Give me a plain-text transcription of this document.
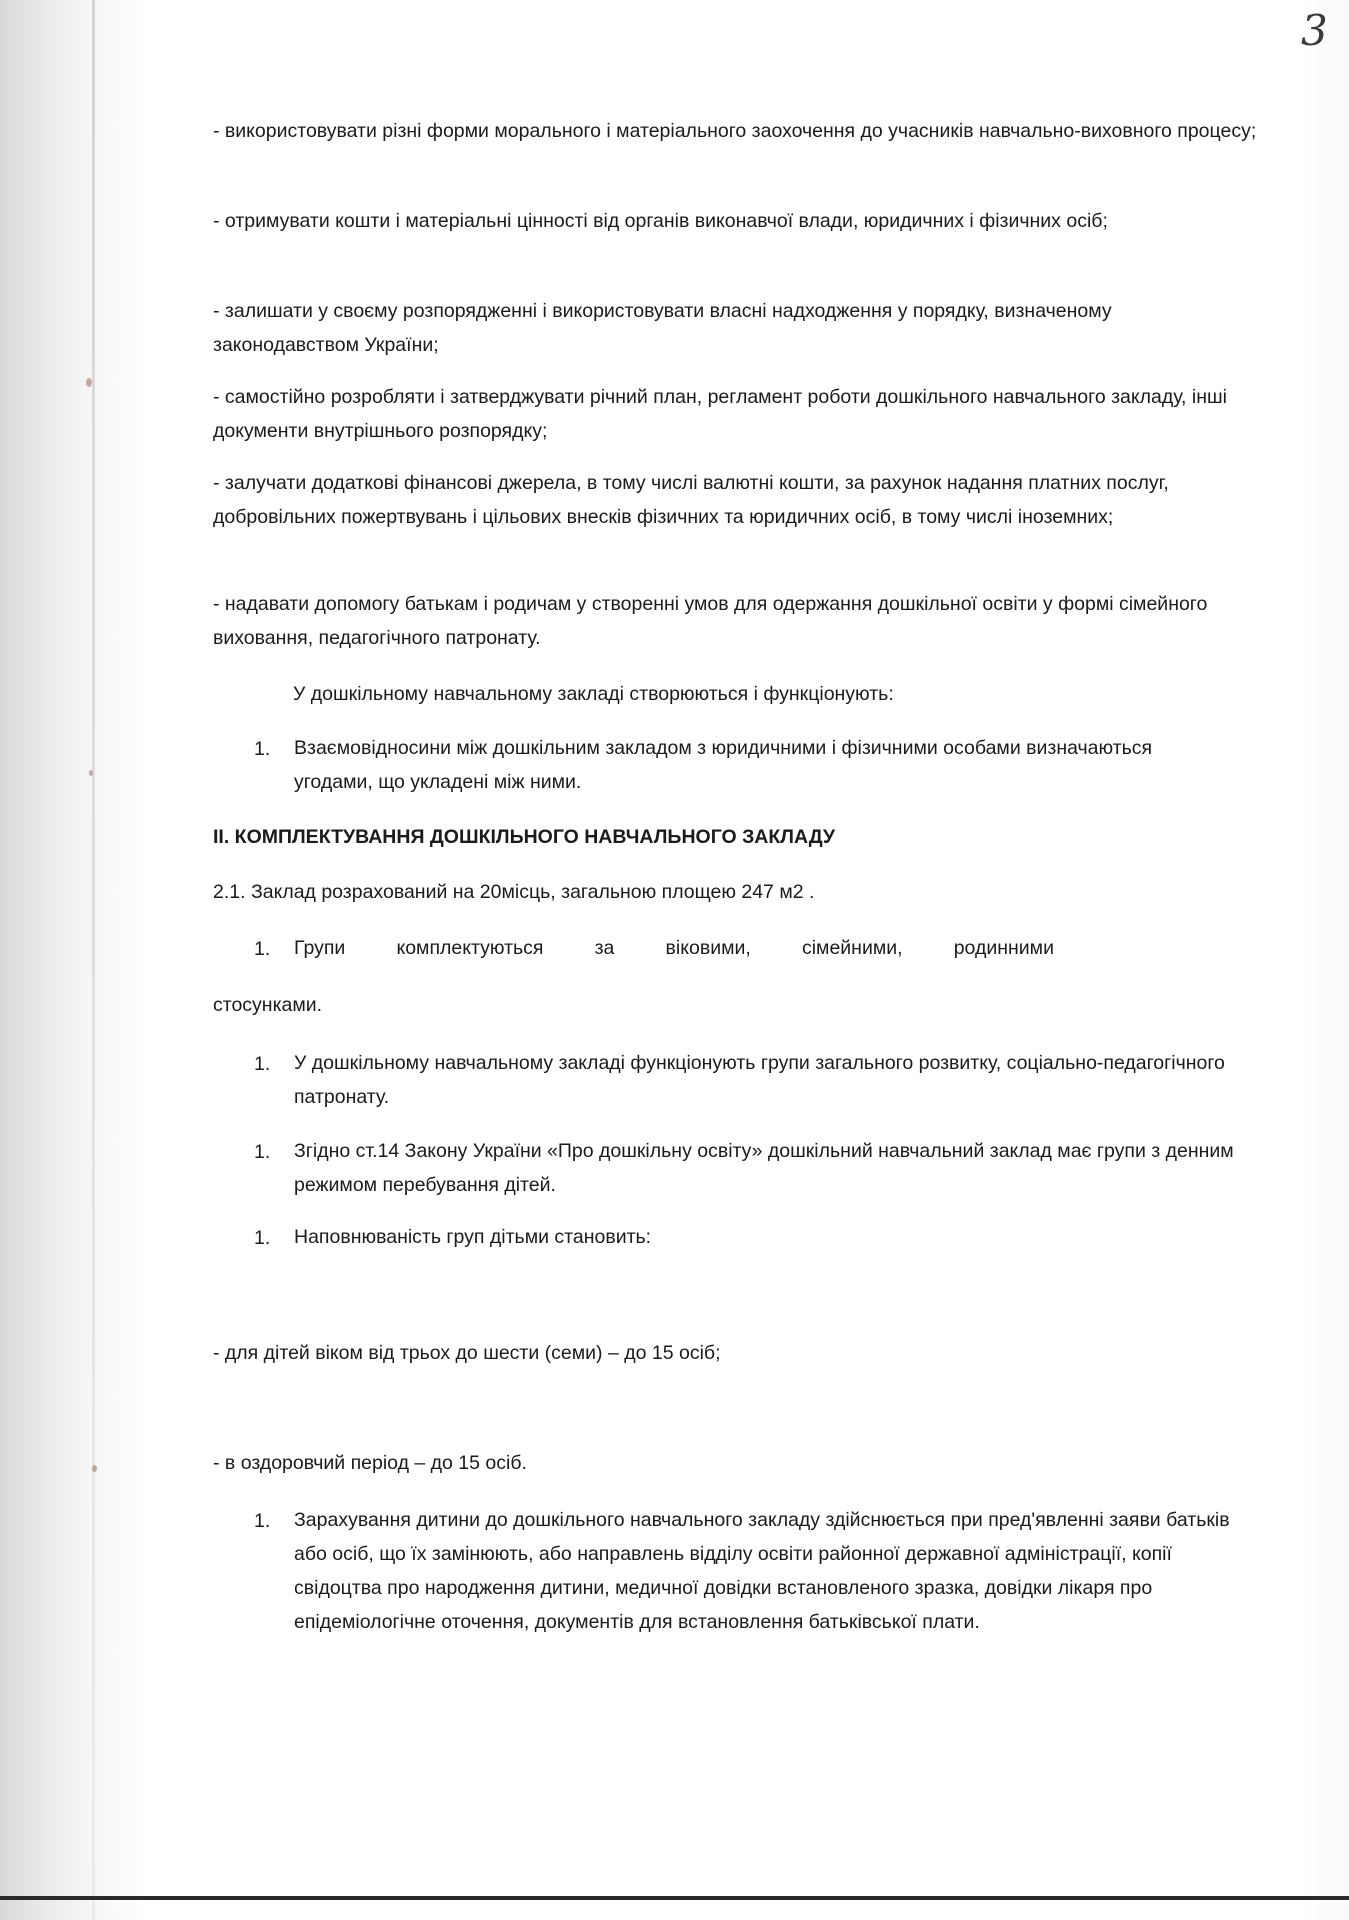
3

- використовувати різні форми морального і матеріального заохочення до учасників навчально-виховного процесу;

- отримувати кошти і матеріальні цінності від органів виконавчої влади, юридичних і фізичних осіб;

- залишати у своєму розпорядженні і використовувати власні надходження у порядку, визначеному законодавством України;

- самостійно розробляти і затверджувати річний план, регламент роботи дошкільного навчального закладу, інші документи внутрішнього розпорядку;

- залучати додаткові фінансові джерела, в тому числі валютні кошти, за рахунок надання платних послуг, добровільних пожертвувань і цільових внесків фізичних та юридичних осіб, в тому числі іноземних;

- надавати допомогу батькам і родичам у створенні умов для одержання дошкільної освіти у формі сімейного виховання, педагогічного патронату.

У дошкільному навчальному закладі створюються і функціонують:

1. Взаємовідносини між дошкільним закладом з юридичними і фізичними особами визначаються угодами, що укладені між ними.

II. КОМПЛЕКТУВАННЯ ДОШКІЛЬНОГО НАВЧАЛЬНОГО ЗАКЛАДУ

2.1. Заклад розрахований на 20місць, загальною площею 247 м2 .

1. Групи	комплектуються	за	віковими,	сімейними,	родинними

стосунками.

1. У дошкільному навчальному закладі функціонують групи загального розвитку, соціально-педагогічного патронату.
1. Згідно ст.14 Закону України «Про дошкільну освіту» дошкільний навчальний заклад має групи з денним режимом перебування дітей.
1. Наповнюваність груп дітьми становить:

- для дітей віком від трьох до шести (семи) – до 15 осіб;

- в оздоровчий період – до 15 осіб.

1. Зарахування дитини до дошкільного навчального закладу здійснюється при пред'явленні заяви батьків або осіб, що їх замінюють, або направлень відділу освіти районної державної адміністрації, копії свідоцтва про народження дитини, медичної довідки встановленого зразка, довідки лікаря про епідеміологічне оточення, документів для встановлення батьківської плати.
